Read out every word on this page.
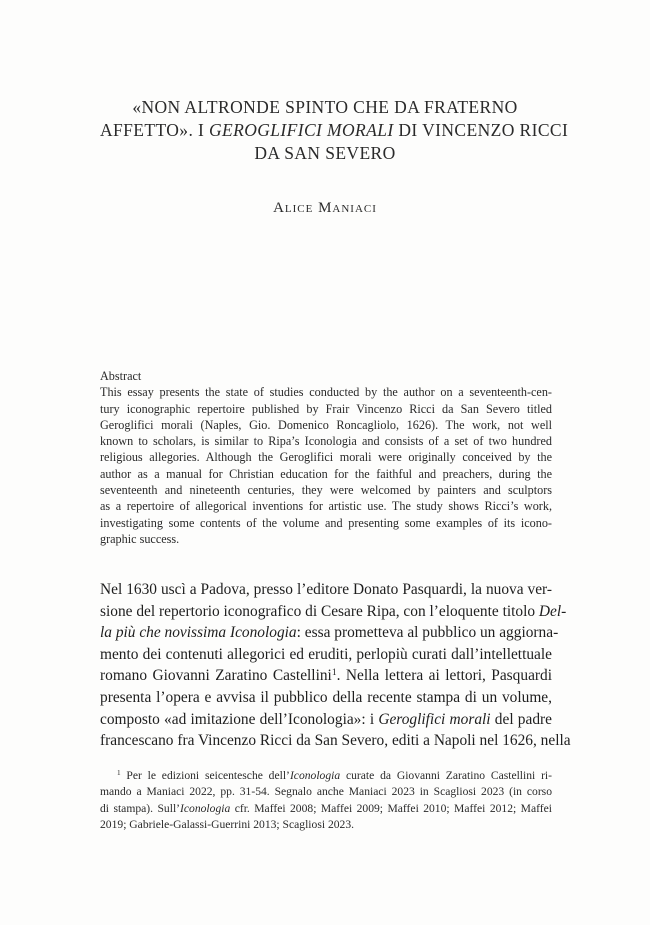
«NON ALTRONDE SPINTO CHE DA FRATERNO
AFFETTO». I GEROGLIFICI MORALI DI VINCENZO RICCI
DA SAN SEVERO
Alice Maniaci
Abstract
This essay presents the state of studies conducted by the author on a seventeenth-cen-
tury iconographic repertoire published by Frair Vincenzo Ricci da San Severo titled
Geroglifici morali (Naples, Gio. Domenico Roncagliolo, 1626). The work, not well
known to scholars, is similar to Ripa’s Iconologia and consists of a set of two hundred
religious allegories. Although the Geroglifici morali were originally conceived by the
author as a manual for Christian education for the faithful and preachers, during the
seventeenth and nineteenth centuries, they were welcomed by painters and sculptors
as a repertoire of allegorical inventions for artistic use. The study shows Ricci’s work,
investigating some contents of the volume and presenting some examples of its icono-
graphic success.
Nel 1630 uscì a Padova, presso l’editore Donato Pasquardi, la nuova ver-
sione del repertorio iconografico di Cesare Ripa, con l’eloquente titolo Del-
la più che novissima Iconologia: essa prometteva al pubblico un aggiorna-
mento dei contenuti allegorici ed eruditi, perlopiù curati dall’intellettuale
romano Giovanni Zaratino Castellini$^1$. Nella lettera ai lettori, Pasquardi
presenta l’opera e avvisa il pubblico della recente stampa di un volume,
composto «ad imitazione dell’Iconologia»: i Geroglifici morali del padre
francescano fra Vincenzo Ricci da San Severo, editi a Napoli nel 1626, nella
$^1$ Per le edizioni seicentesche dell’Iconologia curate da Giovanni Zaratino Castellini ri-
mando a Maniaci 2022, pp. 31-54. Segnalo anche Maniaci 2023 in Scagliosi 2023 (in corso
di stampa). Sull’Iconologia cfr. Maffei 2008; Maffei 2009; Maffei 2010; Maffei 2012; Maffei
2019; Gabriele-Galassi-Guerrini 2013; Scagliosi 2023.
